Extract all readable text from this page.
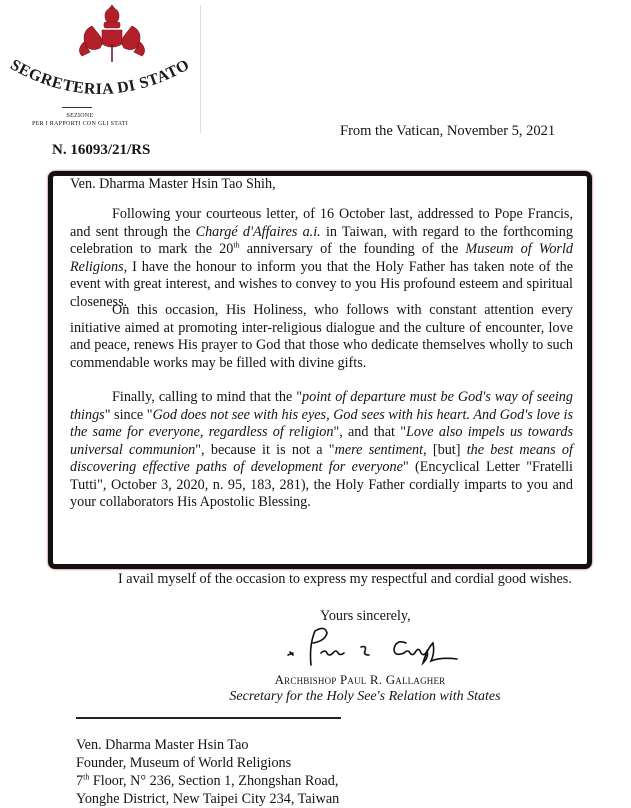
SEGRETERIA DI STATO
SEZIONE
PER I RAPPORTI CON GLI STATI
N. 16093/21/RS
From the Vatican, November 5, 2021
Ven. Dharma Master Hsin Tao Shih,

Following your courteous letter, of 16 October last, addressed to Pope Francis, and sent through the Chargé d'Affaires a.i. in Taiwan, with regard to the forthcoming celebration to mark the 20th anniversary of the founding of the Museum of World Religions, I have the honour to inform you that the Holy Father has taken note of the event with great interest, and wishes to convey to you His profound esteem and spiritual closeness.

On this occasion, His Holiness, who follows with constant attention every initiative aimed at promoting inter-religious dialogue and the culture of encounter, love and peace, renews His prayer to God that those who dedicate themselves wholly to such commendable works may be filled with divine gifts.

Finally, calling to mind that the "point of departure must be God's way of seeing things" since "God does not see with his eyes, God sees with his heart. And God's love is the same for everyone, regardless of religion", and that "Love also impels us towards universal communion", because it is not a "mere sentiment, [but] the best means of discovering effective paths of development for everyone" (Encyclical Letter "Fratelli Tutti", October 3, 2020, n. 95, 183, 281), the Holy Father cordially imparts to you and your collaborators His Apostolic Blessing.

I avail myself of the occasion to express my respectful and cordial good wishes.

Yours sincerely,
Archbishop Paul R. Gallagher
Secretary for the Holy See's Relation with States
Ven. Dharma Master Hsin Tao
Founder, Museum of World Religions
7th Floor, N° 236, Section 1, Zhongshan Road,
Yonghe District, New Taipei City 234, Taiwan
